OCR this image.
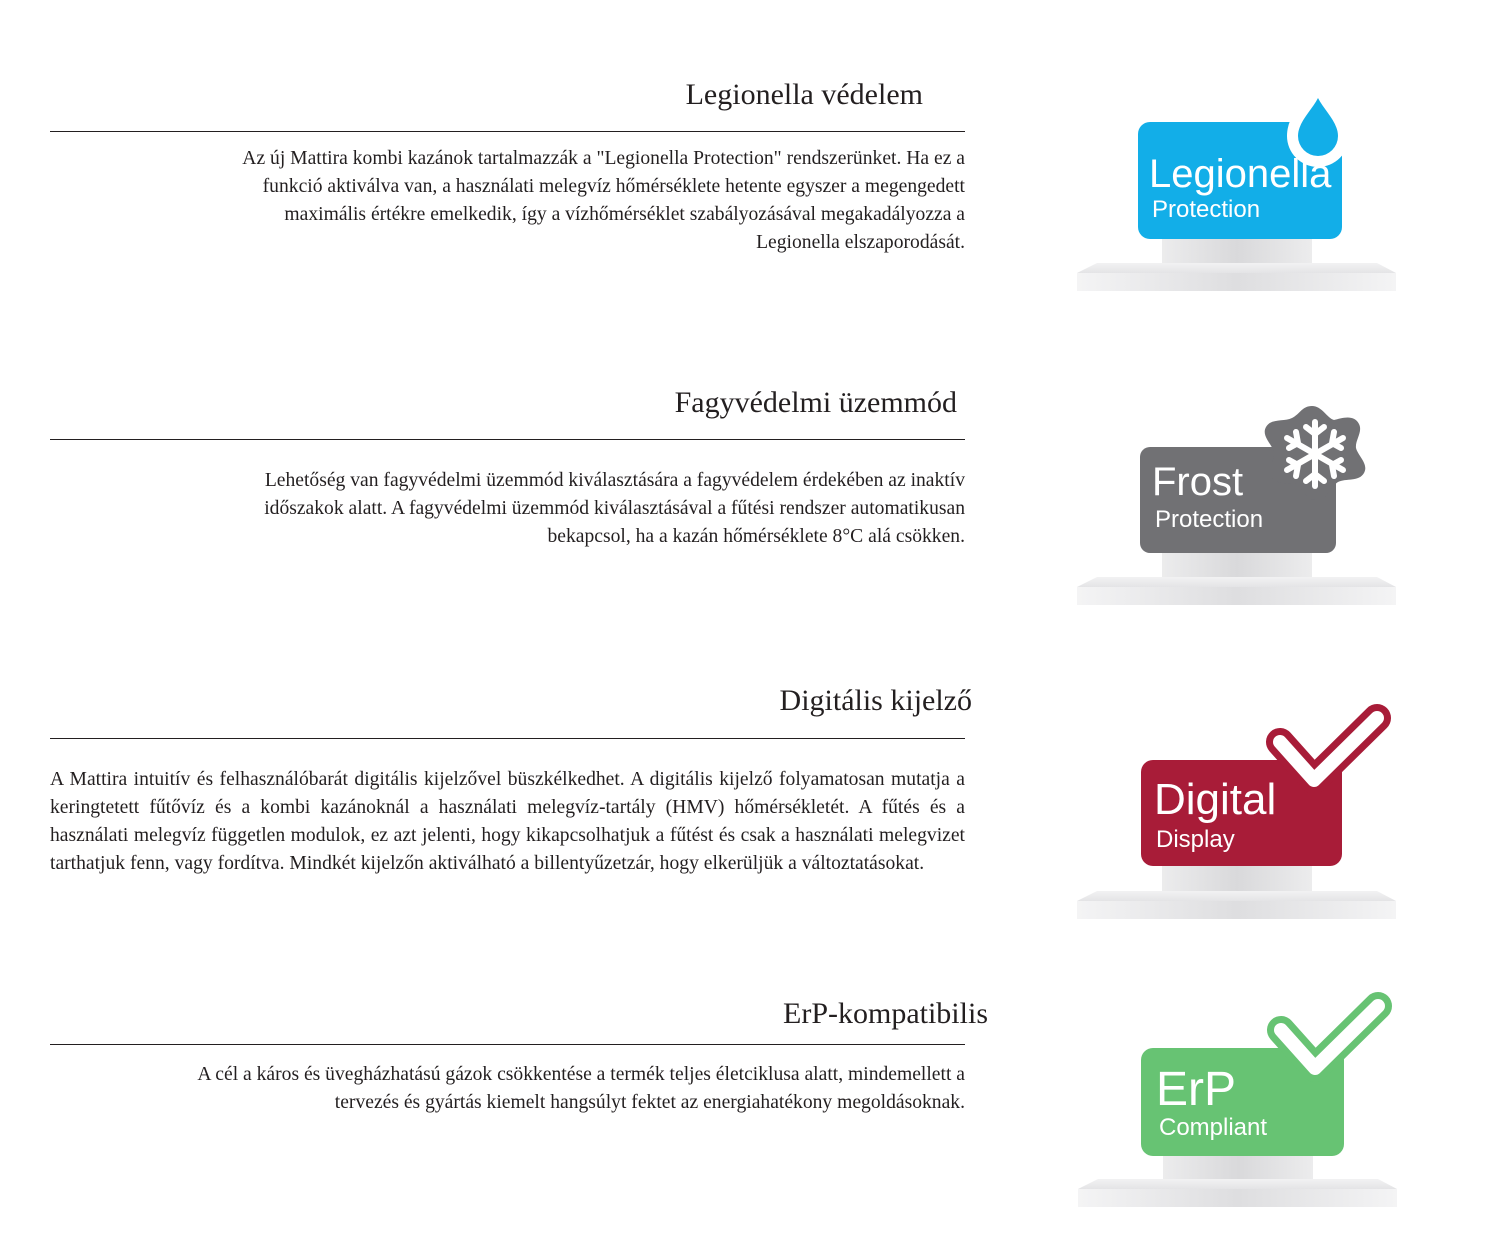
Legionella védelem
Az új Mattira kombi kazánok tartalmazzák a "Legionella Protection" rendszerünket. Ha ez a
funkció aktiválva van, a használati melegvíz hőmérséklete hetente egyszer a megengedett
maximális értékre emelkedik, így a vízhőmérséklet szabályozásával megakadályozza a
Legionella elszaporodását.
Legionella
Protection
Fagyvédelmi üzemmód
Lehetőség van fagyvédelmi üzemmód kiválasztására a fagyvédelem érdekében az inaktív
időszakok alatt. A fagyvédelmi üzemmód kiválasztásával a fűtési rendszer automatikusan
bekapcsol, ha a kazán hőmérséklete 8°C alá csökken.
Frost
Protection
Digitális kijelző
A Mattira intuitív és felhasználóbarát digitális kijelzővel büszkélkedhet. A digitális kijelző folyamatosan mutatja a keringtetett fűtővíz és a kombi kazánoknál a használati melegvíz-tartály (HMV) hőmérsékletét. A fűtés és a használati melegvíz független modulok, ez azt jelenti, hogy kikapcsolhatjuk a fűtést és csak a használati melegvizet tarthatjuk fenn, vagy fordítva. Mindkét kijelzőn aktiválható a billentyűzetzár, hogy elkerüljük a változtatásokat.
Digital
Display
ErP-kompatibilis
A cél a káros és üvegházhatású gázok csökkentése a termék teljes életciklusa alatt, mindemellett a
tervezés és gyártás kiemelt hangsúlyt fektet az energiahatékony megoldásoknak.	ErP
Compliant
